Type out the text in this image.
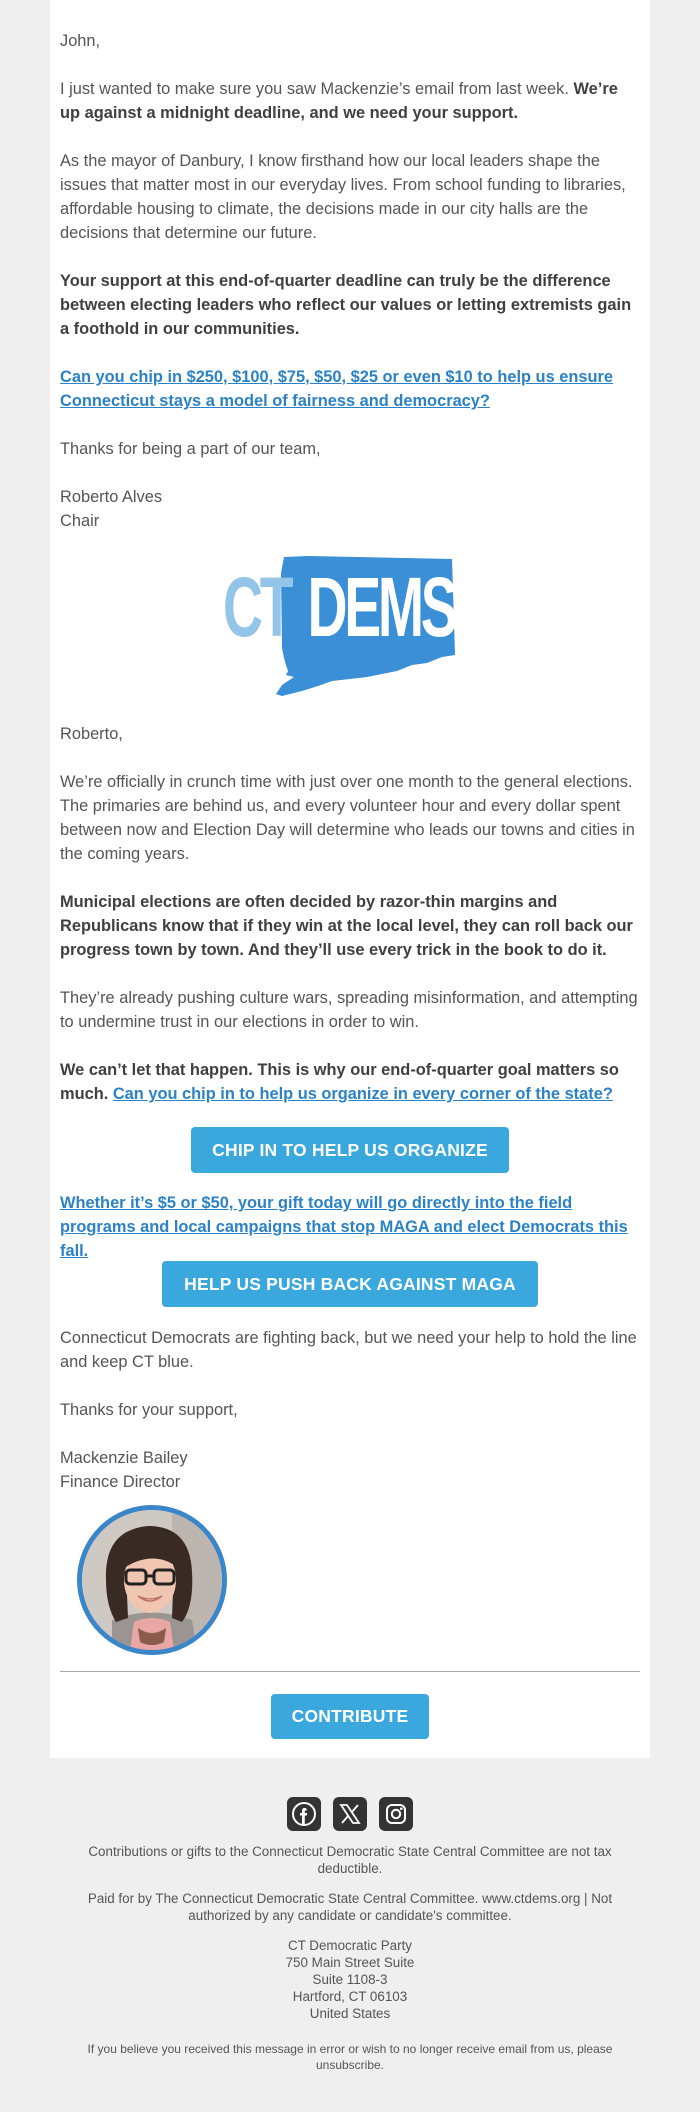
John,

I just wanted to make sure you saw Mackenzie’s email from last week. We’re up against a midnight deadline, and we need your support.

As the mayor of Danbury, I know firsthand how our local leaders shape the issues that matter most in our everyday lives. From school funding to libraries, affordable housing to climate, the decisions made in our city halls are the decisions that determine our future.

Your support at this end-of-quarter deadline can truly be the difference between electing leaders who reflect our values or letting extremists gain a foothold in our communities.

Can you chip in $250, $100, $75, $50, $25 or even $10 to help us ensure Connecticut stays a model of fairness and democracy?

Thanks for being a part of our team,

Roberto Alves

Chair

CT DEMS

Roberto,

We’re officially in crunch time with just over one month to the general elections. The primaries are behind us, and every volunteer hour and every dollar spent between now and Election Day will determine who leads our towns and cities in the coming years.

Municipal elections are often decided by razor-thin margins and Republicans know that if they win at the local level, they can roll back our progress town by town. And they’ll use every trick in the book to do it.

They’re already pushing culture wars, spreading misinformation, and attempting to undermine trust in our elections in order to win.

We can’t let that happen. This is why our end-of-quarter goal matters so much. Can you chip in to help us organize in every corner of the state?

Whether it’s $5 or $50, your gift today will go directly into the field programs and local campaigns that stop MAGA and elect Democrats this fall.

Connecticut Democrats are fighting back, but we need your help to hold the line and keep CT blue.

Thanks for your support,

Mackenzie Bailey

Finance Director

CHIP IN TO HELP US ORGANIZE
HELP US PUSH BACK AGAINST MAGA
CONTRIBUTE

Contributions or gifts to the Connecticut Democratic State Central Committee are not tax deductible.

Paid for by The Connecticut Democratic State Central Committee. www.ctdems.org | Not authorized by any candidate or candidate's committee.

CT Democratic Party

750 Main Street Suite

Suite 1108-3

Hartford, CT 06103

United States

If you believe you received this message in error or wish to no longer receive email from us, please unsubscribe.
